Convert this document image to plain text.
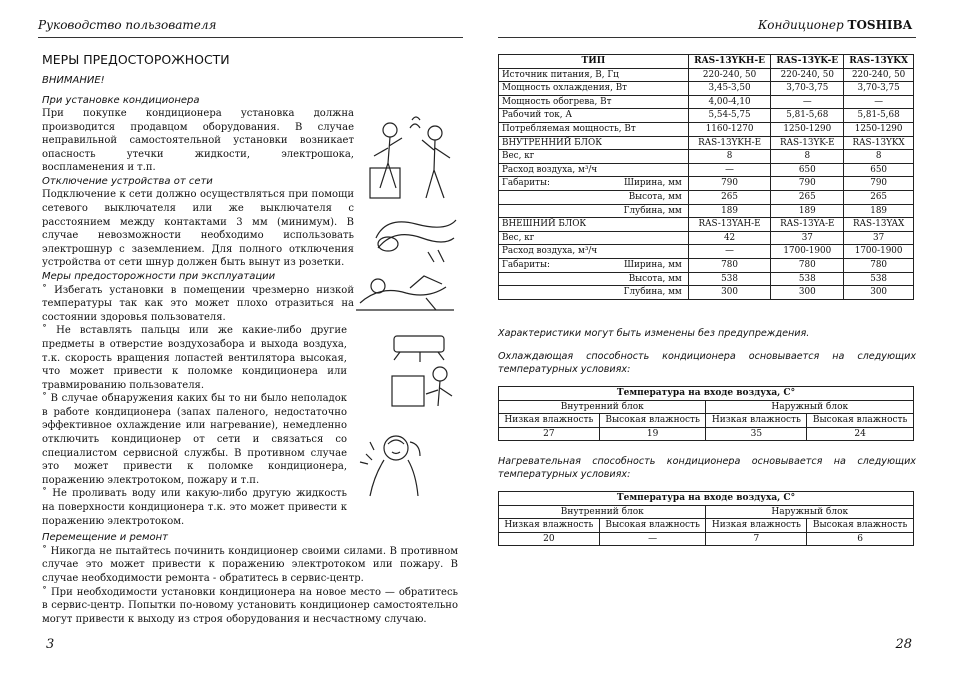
Руководство пользователя	Кондиционер TOSHIBA
МЕРЫ ПРЕДОСТОРОЖНОСТИ
ВНИМАНИЕ!
При установке кондиционера
При покупке кондиционера установка должна производится продавцом оборудования. В случае неправильной самостоятельной установки возникает опасность утечки жидкости, электрошока, воспламенения и т.п.
Отключение устройства от сети
Подключение к сети должно осуществляться при помощи сетевого выключателя или же выключателя с расстоянием между контактами 3 мм (минимум). В случае невозможности необходимо использовать электрошнур с заземлением. Для полного отключения устройства от сети шнур должен быть вынут из розетки.
Меры предосторожности при эксплуатации
˚ Избегать установки в помещении чрезмерно низкой температуры так как это может плохо отразиться на состоянии здоровья пользователя.
˚ Не вставлять пальцы или же какие-либо другие предметы в отверстие воздухозабора и выхода воздуха, т.к. скорость вращения лопастей вентилятора высокая, что может привести к поломке кондиционера или травмированию пользователя.
˚ В случае обнаружения каких бы то ни было неполадок в работе кондиционера (запах паленого, недостаточно эффективное охлаждение или нагревание), немедленно отключить кондиционер от сети и связаться со специалистом сервисной службы. В противном случае это может привести к поломке кондиционера, поражению электротоком, пожару и т.п.
˚ Не проливать воду или какую-либо другую жидкость на поверхности кондиционера т.к. это может привести к поражению электротоком.
Перемещение и ремонт
˚ Никогда не пытайтесь починить кондиционер своими силами. В противном случае это может привести к поражению электротоком или пожару. В случае необходимости ремонта - обратитесь в сервис-центр.
˚ При необходимости установки кондиционера на новое место — обратитесь в сервис-центр. Попытки по-новому установить кондиционер самостоятельно могут привести к выходу из строя оборудования и несчастному случаю.
ТИП		RAS-13YKH-E	RAS-13YK-E	RAS-13YKX
Источник питания, В, Гц		220-240, 50	220-240, 50	220-240, 50
Мощность охлаждения, Вт		3,45-3,50	3,70-3,75	3,70-3,75
Мощность обогрева, Вт		4,00-4,10	—	—
Рабочий ток, А		5,54-5,75	5,81-5,68	5,81-5,68
Потребляемая мощность, Вт		1160-1270	1250-1290	1250-1290
ВНУТРЕННИЙ БЛОК		RAS-13YKH-E	RAS-13YK-E	RAS-13YKX
Вес, кг		8	8	8
Расход воздуха, м³/ч		—	650	650
Габариты:	Ширина, мм	790	790	790
	Высота, мм	265	265	265
	Глубина, мм	189	189	189
ВНЕШНИЙ БЛОК		RAS-13YAH-E	RAS-13YA-E	RAS-13YAX
Вес, кг		42	37	37
Расход воздуха, м³/ч		—	1700-1900	1700-1900
Габариты:	Ширина, мм	780	780	780
	Высота, мм	538	538	538
	Глубина, мм	300	300	300
Характеристики могут быть изменены без предупреждения.
Охлаждающая способность кондиционера основывается на следующих температурных условиях:
Температура на входе воздуха, C°			
Внутренний блок		Наружный блок	
Низкая влажность	Высокая влажность	Низкая влажность	Высокая влажность
27	19	35	24
Нагревательная способность кондиционера основывается на следующих температурных условиях:
Температура на входе воздуха, C°			
Внутренний блок		Наружный блок	
Низкая влажность	Высокая влажность	Низкая влажность	Высокая влажность
20	—	7	6
3	28
